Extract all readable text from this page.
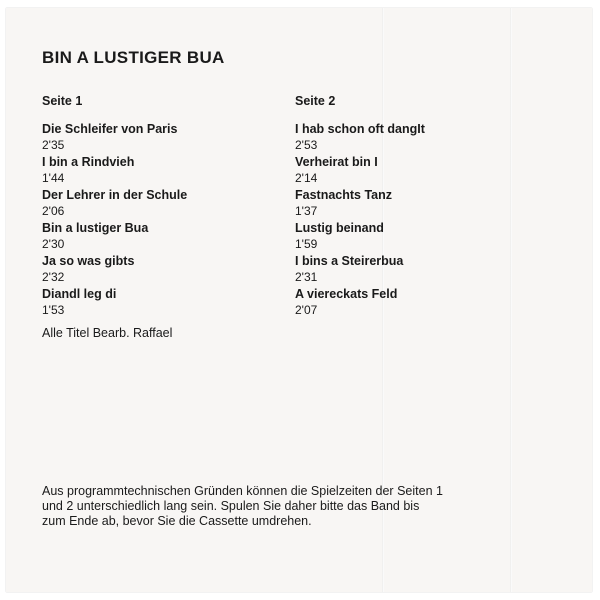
BIN A LUSTIGER BUA
Seite 1
Die Schleifer von Paris
2'35
I bin a Rindvieh
1'44
Der Lehrer in der Schule
2'06
Bin a lustiger Bua
2'30
Ja so was gibts
2'32
Diandl leg di
1'53
Seite 2
I hab schon oft dangIt
2'53
Verheirat bin I
2'14
Fastnachts Tanz
1'37
Lustig beinand
1'59
I bins a Steirerbua
2'31
A viereckats Feld
2'07
Alle Titel Bearb. Raffael
Aus programmtechnischen Gründen können die Spielzeiten der Seiten 1
und 2 unterschiedlich lang sein. Spulen Sie daher bitte das Band bis
zum Ende ab, bevor Sie die Cassette umdrehen.
